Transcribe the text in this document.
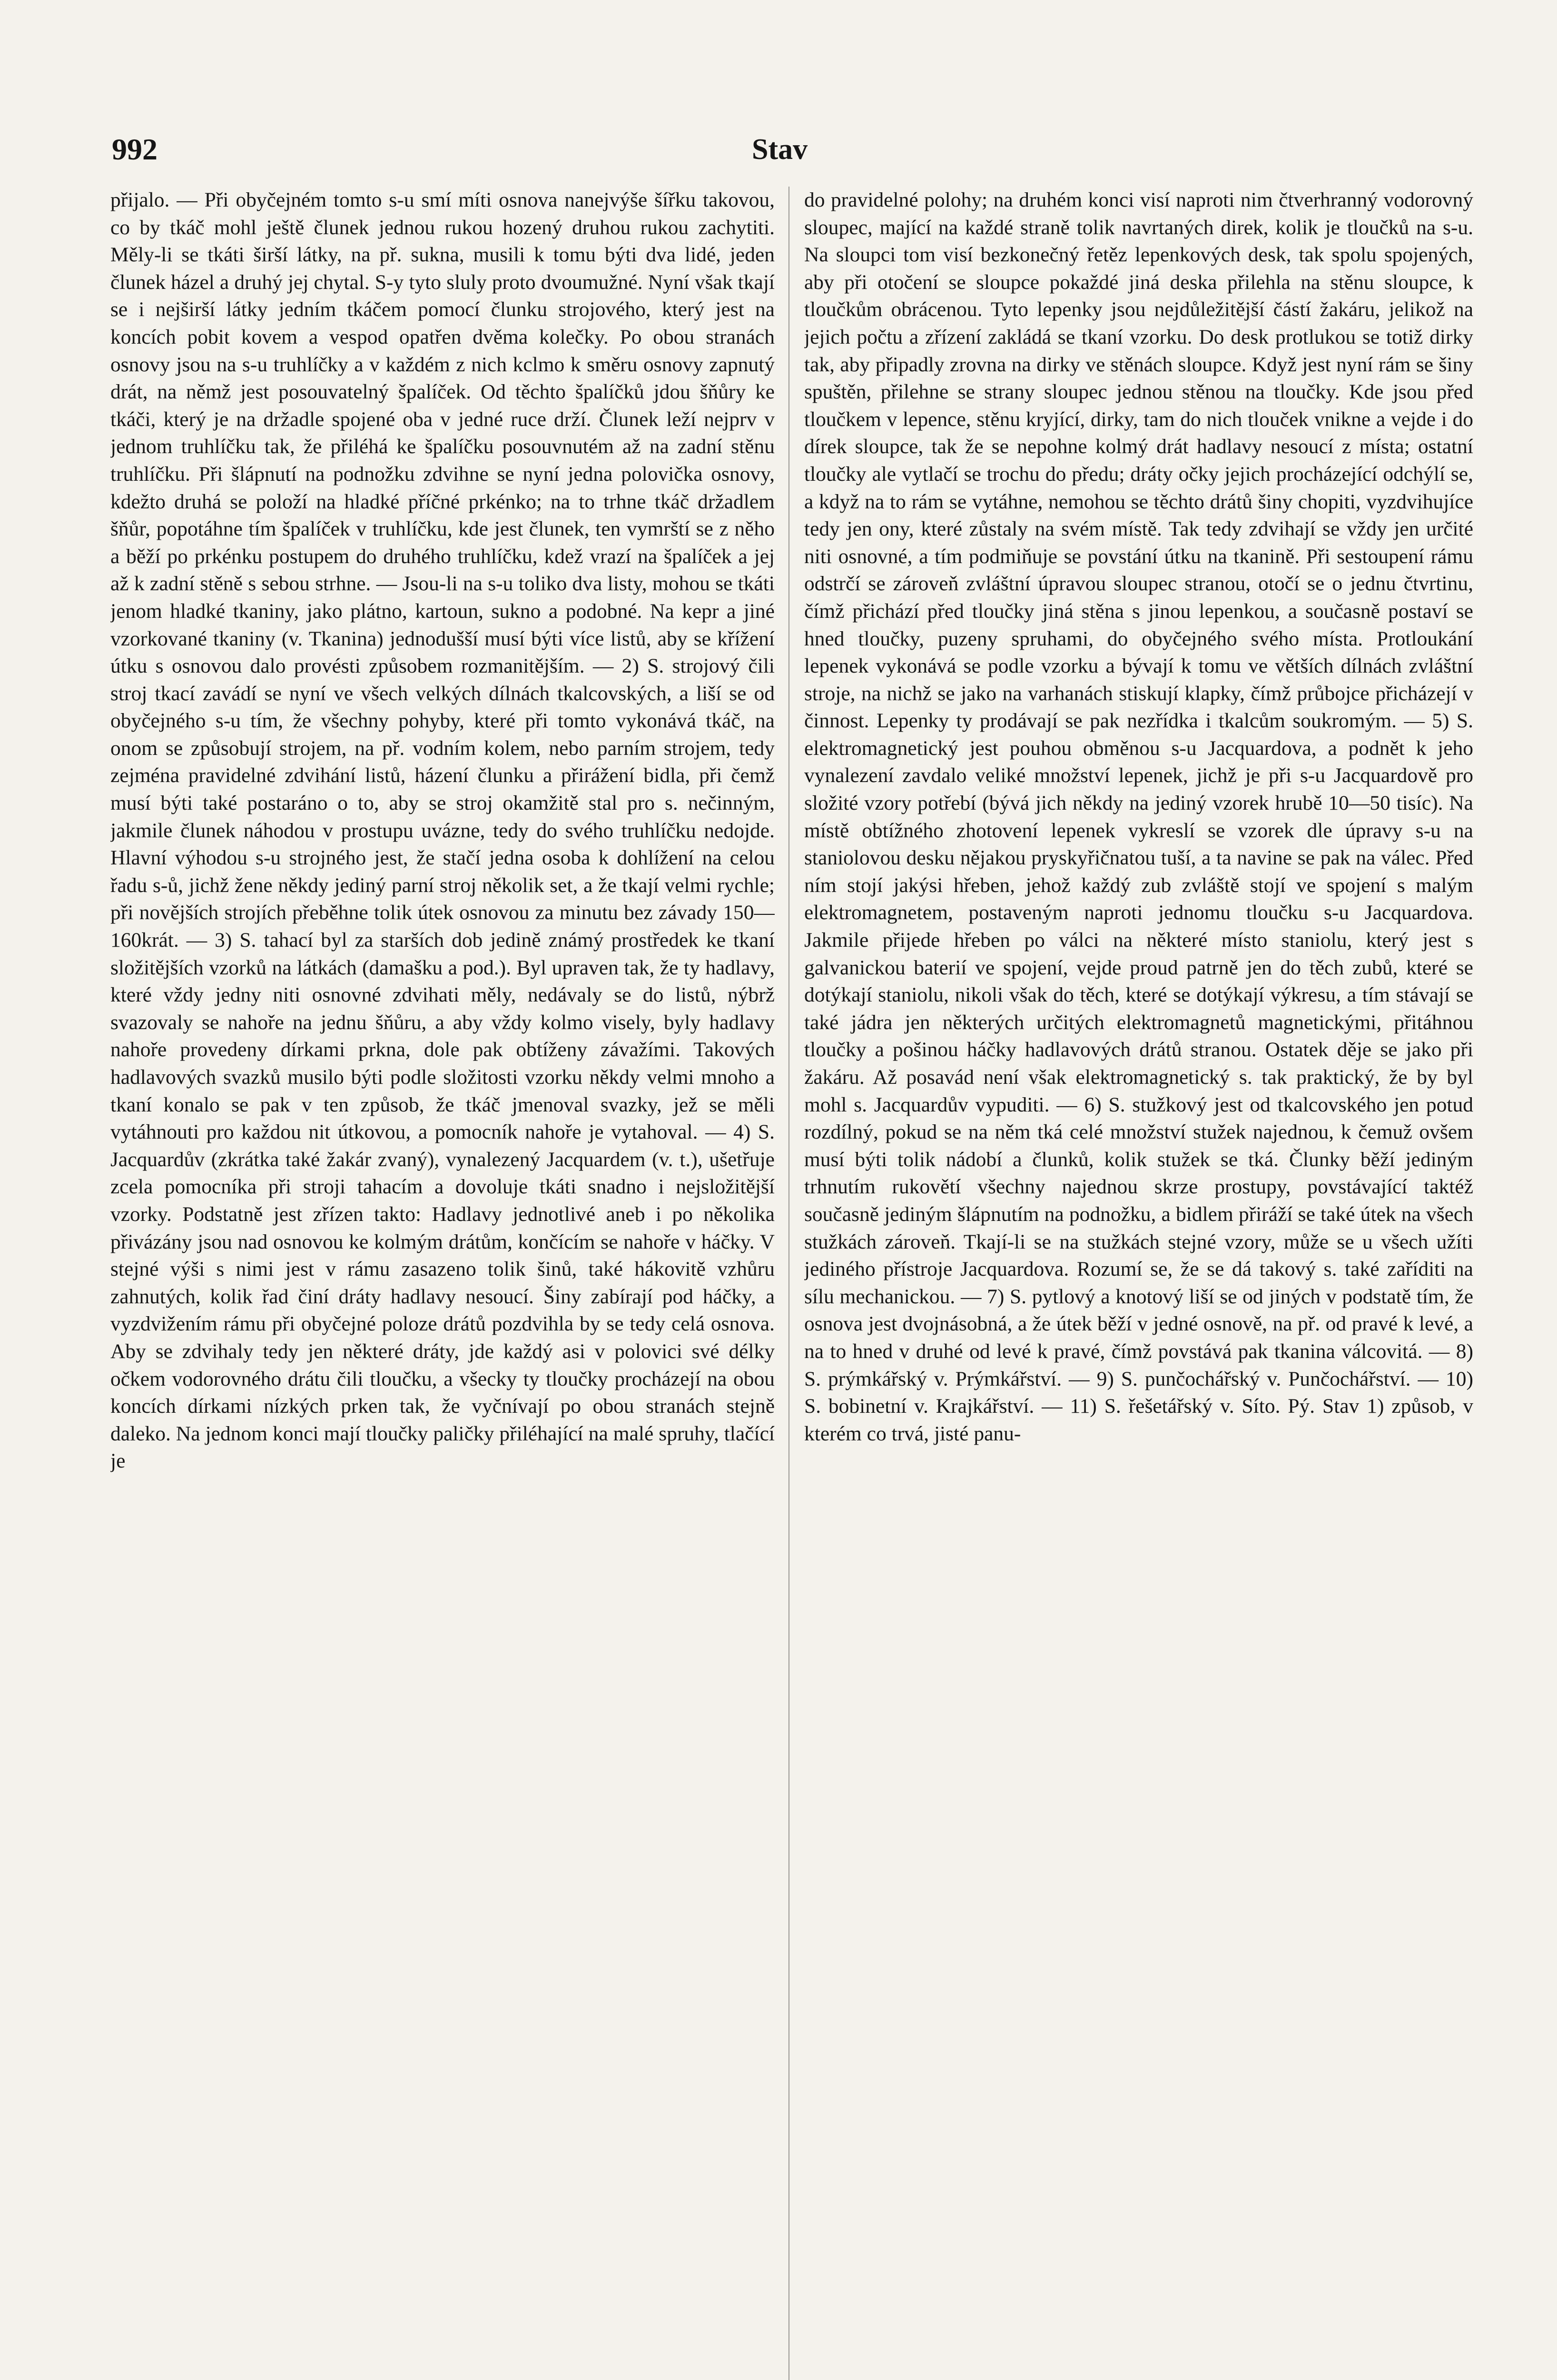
992	Stav

přijalo. — Při obyčejném tomto s-u smí míti osnova nanejvýše šířku takovou, co by tkáč mohl ještě člunek jednou rukou hozený druhou rukou zachytiti. Měly-li se tkáti širší látky, na př. sukna, musili k tomu býti dva lidé, jeden člunek házel a druhý jej chytal. S-y tyto sluly proto dvoumužné. Nyní však tkají se i nejširší látky jedním tkáčem pomocí člunku strojového, který jest na koncích pobit kovem a vespod opatřen dvěma kolečky. Po obou stranách osnovy jsou na s-u truhlíčky a v každém z nich kclmo k směru osnovy zapnutý drát, na němž jest posouvatelný špalíček. Od těchto špalíčků jdou šňůry ke tkáči, který je na držadle spojené oba v jedné ruce drží. Člunek leží nejprv v jednom truhlíčku tak, že přiléhá ke špalíčku posouvnutém až na zadní stěnu truhlíčku. Při šlápnutí na podnožku zdvihne se nyní jedna polovička osnovy, kdežto druhá se položí na hladké příčné prkénko; na to trhne tkáč držadlem šňůr, popotáhne tím špalíček v truhlíčku, kde jest člunek, ten vymrští se z něho a běží po prkénku postupem do druhého truhlíčku, kdež vrazí na špalíček a jej až k zadní stěně s sebou strhne. — Jsou-li na s-u toliko dva listy, mohou se tkáti jenom hladké tkaniny, jako plátno, kartoun, sukno a podobné. Na kepr a jiné vzorkované tkaniny (v. Tkanina) jednodušší musí býti více listů, aby se křížení útku s osnovou dalo provésti způsobem rozmanitějším. — 2) S. strojový čili stroj tkací zavádí se nyní ve všech velkých dílnách tkalcovských, a liší se od obyčejného s-u tím, že všechny pohyby, které při tomto vykonává tkáč, na onom se způsobují strojem, na př. vodním kolem, nebo parním strojem, tedy zejména pravidelné zdvihání listů, házení člunku a přirážení bidla, při čemž musí býti také postaráno o to, aby se stroj okamžitě stal pro s. nečinným, jakmile člunek náhodou v prostupu uvázne, tedy do svého truhlíčku nedojde. Hlavní výhodou s-u strojného jest, že stačí jedna osoba k dohlížení na celou řadu s-ů, jichž žene někdy jediný parní stroj několik set, a že tkají velmi rychle; při novějších strojích přeběhne tolik útek osnovou za minutu bez závady 150—160krát. — 3) S. tahací byl za starších dob jedině známý prostředek ke tkaní složitějších vzorků na látkách (damašku a pod.). Byl upraven tak, že ty hadlavy, které vždy jedny niti osnovné zdvihati měly, nedávaly se do listů, nýbrž svazovaly se nahoře na jednu šňůru, a aby vždy kolmo visely, byly hadlavy nahoře provedeny dírkami prkna, dole pak obtíženy závažími. Takových hadlavových svazků musilo býti podle složitosti vzorku někdy velmi mnoho a tkaní konalo se pak v ten způsob, že tkáč jmenoval svazky, jež se měli vytáhnouti pro každou nit útkovou, a pomocník nahoře je vytahoval. — 4) S. Jacquardův (zkrátka také žakár zvaný), vynalezený Jacquardem (v. t.), ušetřuje zcela pomocníka při stroji tahacím a dovoluje tkáti snadno i nejsložitější vzorky. Podstatně jest zřízen takto: Hadlavy jednotlivé aneb i po několika přivázány jsou nad osnovou ke kolmým drátům, končícím se nahoře v háčky. V stejné výši s nimi jest v rámu zasazeno tolik šinů, také hákovitě vzhůru zahnutých, kolik řad činí dráty hadlavy nesoucí. Šiny zabírají pod háčky, a vyzdvižením rámu při obyčejné poloze drátů pozdvihla by se tedy celá osnova. Aby se zdvihaly tedy jen některé dráty, jde každý asi v polovici své délky očkem vodorovného drátu čili tloučku, a všecky ty tloučky procházejí na obou koncích dírkami nízkých prken tak, že vyčnívají po obou stranách stejně daleko. Na jednom konci mají tloučky paličky přiléhající na malé spruhy, tlačící je

do pravidelné polohy; na druhém konci visí naproti nim čtverhranný vodorovný sloupec, mající na každé straně tolik navrtaných direk, kolik je tloučků na s-u. Na sloupci tom visí bezkonečný řetěz lepenkových desk, tak spolu spojených, aby při otočení se sloupce pokaždé jiná deska přilehla na stěnu sloupce, k tloučkům obrácenou. Tyto lepenky jsou nejdůležitější částí žakáru, jelikož na jejich počtu a zřízení zakládá se tkaní vzorku. Do desk protlukou se totiž dirky tak, aby připadly zrovna na dirky ve stěnách sloupce. Když jest nyní rám se šiny spuštěn, přilehne se strany sloupec jednou stěnou na tloučky. Kde jsou před tloučkem v lepence, stěnu kryjící, dirky, tam do nich tlouček vnikne a vejde i do dírek sloupce, tak že se nepohne kolmý drát hadlavy nesoucí z místa; ostatní tloučky ale vytlačí se trochu do předu; dráty očky jejich procházející odchýlí se, a když na to rám se vytáhne, nemohou se těchto drátů šiny chopiti, vyzdvihujíce tedy jen ony, které zůstaly na svém místě. Tak tedy zdvihají se vždy jen určité niti osnovné, a tím podmiňuje se povstání útku na tkanině. Při sestoupení rámu odstrčí se zároveň zvláštní úpravou sloupec stranou, otočí se o jednu čtvrtinu, čímž přichází před tloučky jiná stěna s jinou lepenkou, a současně postaví se hned tloučky, puzeny spruhami, do obyčejného svého místa. Protloukání lepenek vykonává se podle vzorku a bývají k tomu ve větších dílnách zvláštní stroje, na nichž se jako na varhanách stiskují klapky, čímž průbojce přicházejí v činnost. Lepenky ty prodávají se pak nezřídka i tkalcům soukromým. — 5) S. elektromagnetický jest pouhou obměnou s-u Jacquardova, a podnět k jeho vynalezení zavdalo veliké množství lepenek, jichž je při s-u Jacquardově pro složité vzory potřebí (bývá jich někdy na jediný vzorek hrubě 10—50 tisíc). Na místě obtížného zhotovení lepenek vykreslí se vzorek dle úpravy s-u na staniolovou desku nějakou pryskyřičnatou tuší, a ta navine se pak na válec. Před ním stojí jakýsi hřeben, jehož každý zub zvláště stojí ve spojení s malým elektromagnetem, postaveným naproti jednomu tloučku s-u Jacquardova. Jakmile přijede hřeben po válci na některé místo staniolu, který jest s galvanickou baterií ve spojení, vejde proud patrně jen do těch zubů, které se dotýkají staniolu, nikoli však do těch, které se dotýkají výkresu, a tím stávají se také jádra jen některých určitých elektromagnetů magnetickými, přitáhnou tloučky a pošinou háčky hadlavových drátů stranou. Ostatek děje se jako při žakáru. Až posavád není však elektromagnetický s. tak praktický, že by byl mohl s. Jacquardův vypuditi. — 6) S. stužkový jest od tkalcovského jen potud rozdílný, pokud se na něm tká celé množství stužek najednou, k čemuž ovšem musí býti tolik nádobí a člunků, kolik stužek se tká. Člunky běží jediným trhnutím rukovětí všechny najednou skrze prostupy, povstávající taktéž současně jediným šlápnutím na podnožku, a bidlem přiráží se také útek na všech stužkách zároveň. Tkají-li se na stužkách stejné vzory, může se u všech užíti jediného přístroje Jacquardova. Rozumí se, že se dá takový s. také zaříditi na sílu mechanickou. — 7) S. pytlový a knotový liší se od jiných v podstatě tím, že osnova jest dvojnásobná, a že útek běží v jedné osnově, na př. od pravé k levé, a na to hned v druhé od levé k pravé, čímž povstává pak tkanina válcovitá. — 8) S. prýmkářský v. Prýmkářství. — 9) S. punčochářský v. Punčochářství. — 10) S. bobinetní v. Krajkářství. — 11) S. řešetářský v. Síto. Pý. Stav 1) způsob, v kterém co trvá, jisté panu-
